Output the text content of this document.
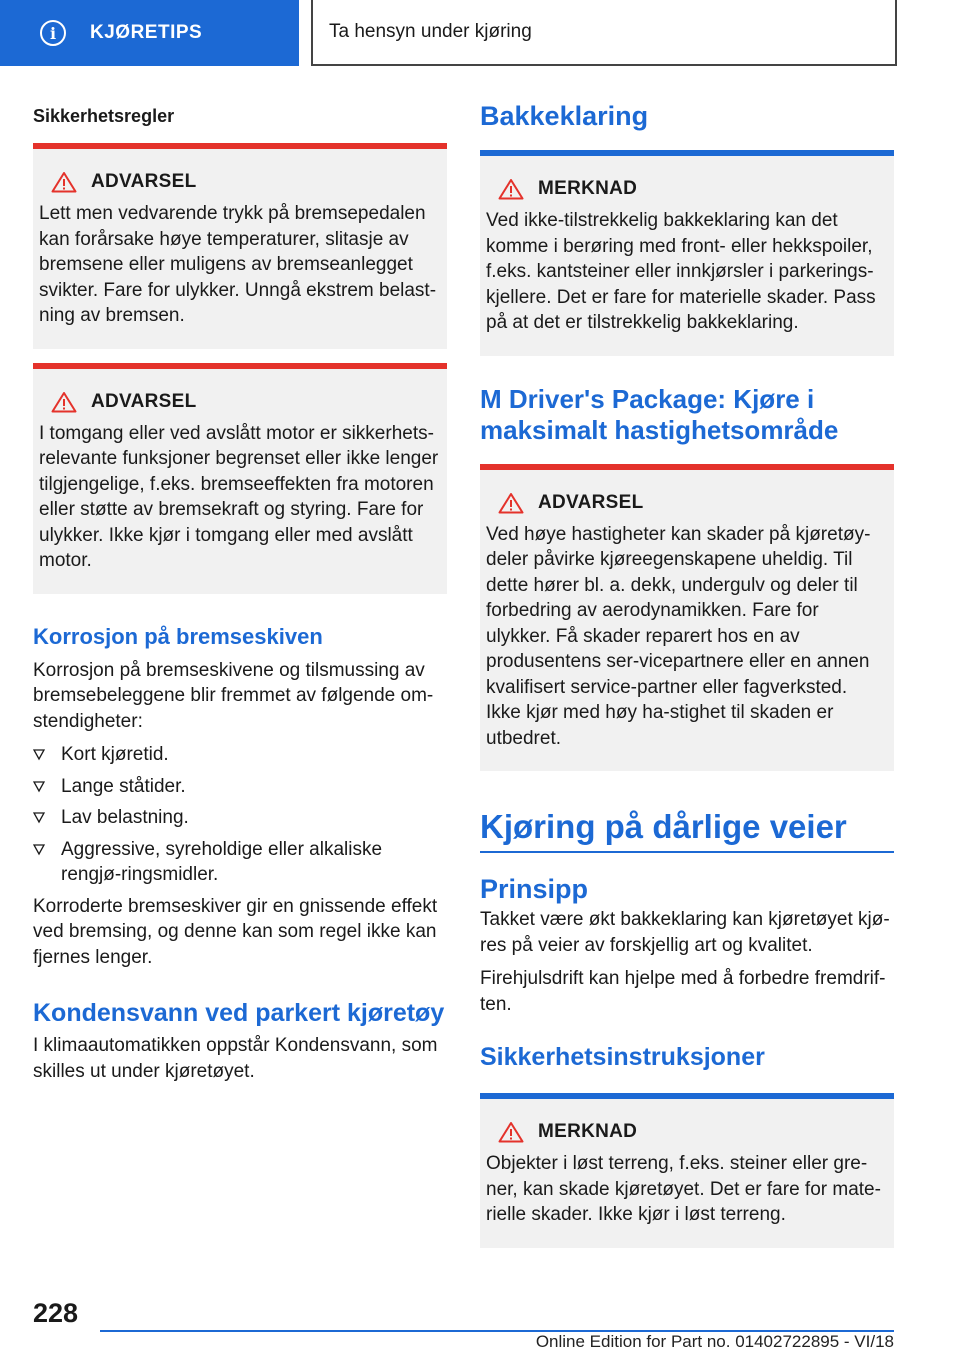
i	KJØRETIPS	Ta hensyn under kjøring
Sikkerhetsregler
ADVARSEL
Lett men vedvarende trykk på bremsepedalen kan forårsake høye temperaturer, slitasje av bremsene eller muligens av bremseanlegget svikter. Fare for ulykker. Unngå ekstrem belast-ning av bremsen.
ADVARSEL
I tomgang eller ved avslått motor er sikkerhets-relevante funksjoner begrenset eller ikke lenger tilgjengelige, f.eks. bremseeffekten fra motoren eller støtte av bremsekraft og styring. Fare for ulykker. Ikke kjør i tomgang eller med avslått motor.
Korrosjon på bremseskiven

Korrosjon på bremseskivene og tilsmussing av bremsebeleggene blir fremmet av følgende om-stendigheter:

Kort kjøretid.
Lange ståtider.
Lav belastning.
Aggressive, syreholdige eller alkaliske rengjø-ringsmidler.

Korroderte bremseskiver gir en gnissende effekt ved bremsing, og denne kan som regel ikke kan fjernes lenger.

Kondensvann ved parkert kjøretøy

I klimaautomatikken oppstår Kondensvann, som skilles ut under kjøretøyet.

Bakkeklaring
MERKNAD
Ved ikke-tilstrekkelig bakkeklaring kan det komme i berøring med front- eller hekkspoiler, f.eks. kantsteiner eller innkjørsler i parkerings-kjellere. Det er fare for materielle skader. Pass på at det er tilstrekkelig bakkeklaring.
M Driver's Package: Kjøre i maksimalt hastighetsområde
ADVARSEL
Ved høye hastigheter kan skader på kjøretøy-deler påvirke kjøreegenskapene uheldig. Til dette hører bl. a. dekk, undergulv og deler til forbedring av aerodynamikken. Fare for ulykker. Få skader reparert hos en av produsentens ser-vicepartnere eller en annen kvalifisert service-partner eller fagverksted. Ikke kjør med høy ha-stighet til skaden er utbedret.
Kjøring på dårlige veier
Prinsipp

Takket være økt bakkeklaring kan kjøretøyet kjø-res på veier av forskjellig art og kvalitet.

Firehjulsdrift kan hjelpe med å forbedre fremdrif-ten.

Sikkerhetsinstruksjoner
MERKNAD
Objekter i løst terreng, f.eks. steiner eller gre-ner, kan skade kjøretøyet. Det er fare for mate-rielle skader. Ikke kjør i løst terreng.
228
Online Edition for Part no. 01402722895 - VI/18
